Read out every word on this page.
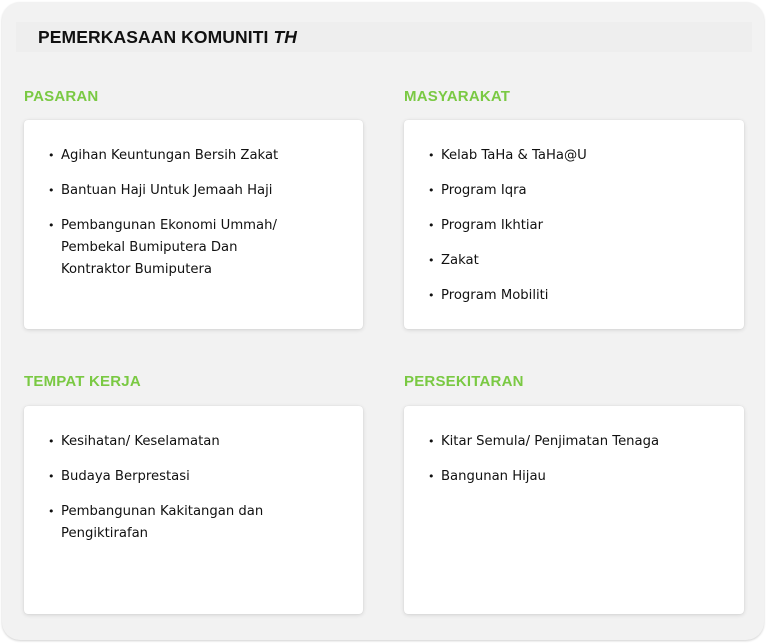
PEMERKASAAN KOMUNITI TH
PASARAN
• Agihan Keuntungan Bersih Zakat
• Bantuan Haji Untuk Jemaah Haji
• Pembangunan Ekonomi Ummah/ Pembekal Bumiputera Dan Kontraktor Bumiputera
MASYARAKAT
• Kelab TaHa & TaHa@U
• Program Iqra
• Program Ikhtiar
• Zakat
• Program Mobiliti
TEMPAT KERJA
• Kesihatan/ Keselamatan
• Budaya Berprestasi
• Pembangunan Kakitangan dan Pengiktirafan
PERSEKITARAN
• Kitar Semula/ Penjimatan Tenaga
• Bangunan Hijau
